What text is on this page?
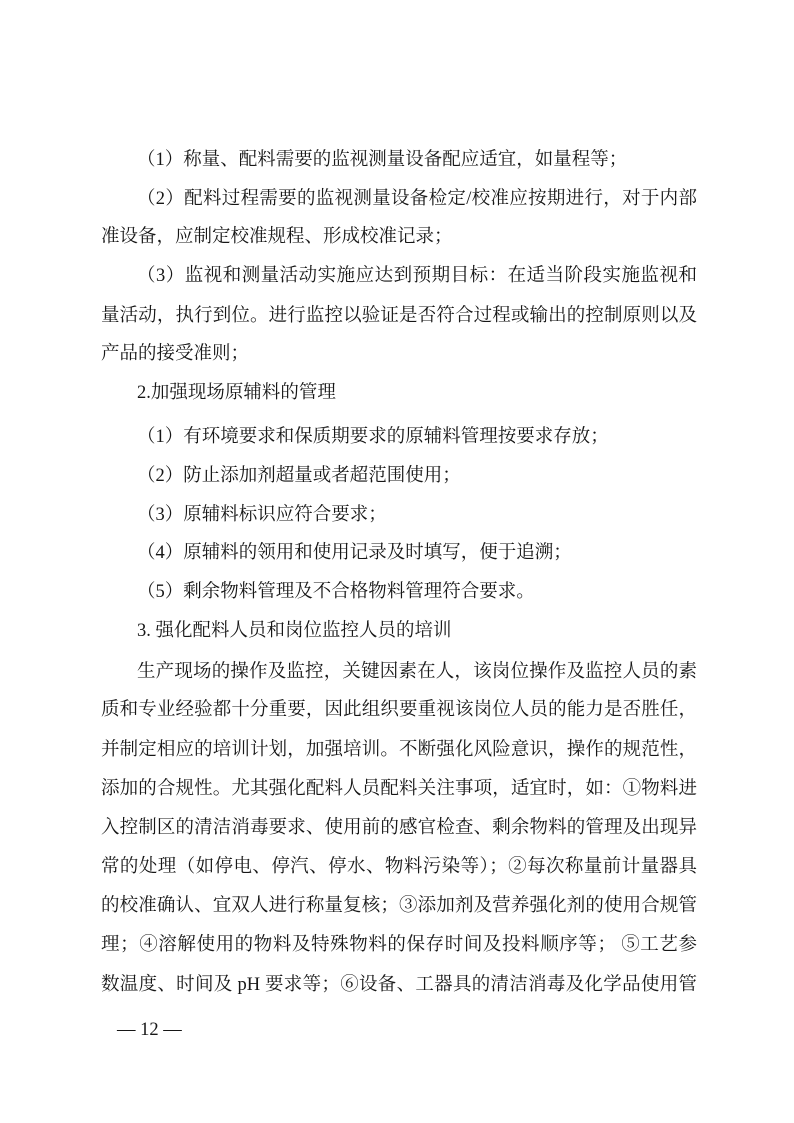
（1）称量、配料需要的监视测量设备配应适宜，如量程等；
（2）配料过程需要的监视测量设备检定/校准应按期进行，对于内部
准设备，应制定校准规程、形成校准记录；
（3）监视和测量活动实施应达到预期目标：在适当阶段实施监视和
量活动，执行到位。进行监控以验证是否符合过程或输出的控制原则以及
产品的接受准则；
2.加强现场原辅料的管理
（1）有环境要求和保质期要求的原辅料管理按要求存放；
（2）防止添加剂超量或者超范围使用；
（3）原辅料标识应符合要求；
（4）原辅料的领用和使用记录及时填写，便于追溯；
（5）剩余物料管理及不合格物料管理符合要求。
3. 强化配料人员和岗位监控人员的培训
生产现场的操作及监控，关键因素在人，该岗位操作及监控人员的素
质和专业经验都十分重要，因此组织要重视该岗位人员的能力是否胜任，
并制定相应的培训计划，加强培训。不断强化风险意识，操作的规范性，
添加的合规性。尤其强化配料人员配料关注事项，适宜时，如：①物料进
入控制区的清洁消毒要求、使用前的感官检查、剩余物料的管理及出现异
常的处理（如停电、停汽、停水、物料污染等）；②每次称量前计量器具
的校准确认、宜双人进行称量复核；③添加剂及营养强化剂的使用合规管
理；④溶解使用的物料及特殊物料的保存时间及投料顺序等； ⑤工艺参
数温度、时间及 pH 要求等；⑥设备、工器具的清洁消毒及化学品使用管
— 12 —
